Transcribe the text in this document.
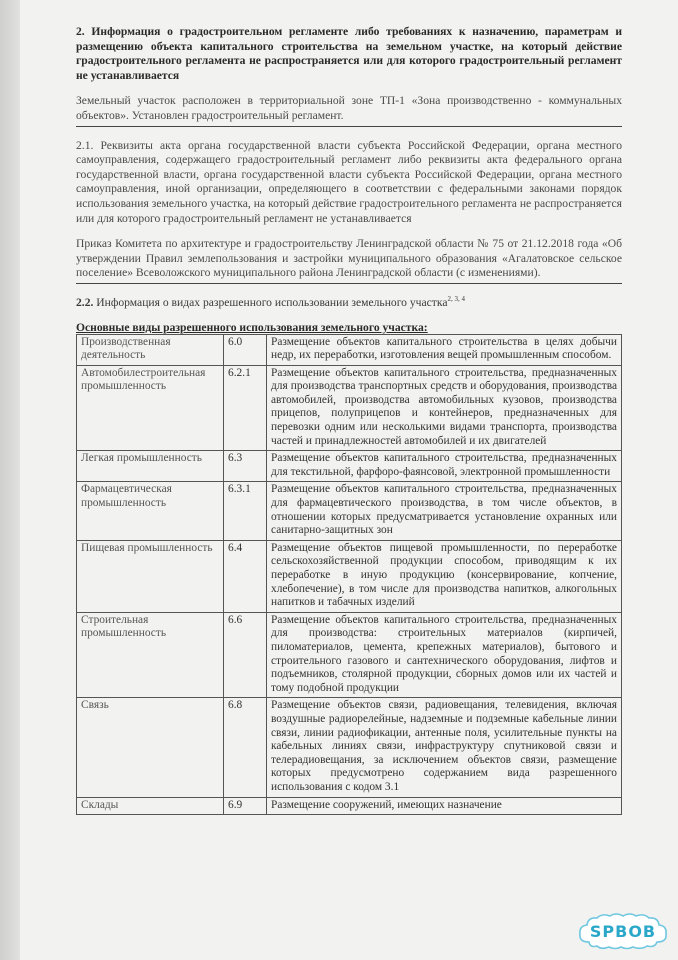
2. Информация о градостроительном регламенте либо требованиях к назначению, параметрам и размещению объекта капитального строительства на земельном участке, на который действие градостроительного регламента не распространяется или для которого градостроительный регламент не устанавливается

Земельный участок расположен в территориальной зоне ТП-1 «Зона производственно - коммунальных объектов». Установлен градостроительный регламент.

2.1. Реквизиты акта органа государственной власти субъекта Российской Федерации, органа местного самоуправления, содержащего градостроительный регламент либо реквизиты акта федерального органа государственной власти, органа государственной власти субъекта Российской Федерации, органа местного самоуправления, иной организации, определяющего в соответствии с федеральными законами порядок использования земельного участка, на который действие градостроительного регламента не распространяется или для которого градостроительный регламент не устанавливается

Приказ Комитета по архитектуре и градостроительству Ленинградской области № 75 от 21.12.2018 года «Об утверждении Правил землепользования и застройки муниципального образования «Агалатовское сельское поселение» Всеволожского муниципального района Ленинградской области (с изменениями).

2.2. Информация о видах разрешенного использовании земельного участка$^{2, 3, 4}$

Основные виды разрешенного использования земельного участка:

Производственная деятельность	6.0	Размещение объектов капитального строительства в целях добычи недр, их переработки, изготовления вещей промышленным способом.
Автомобилестроительная промышленность	6.2.1	Размещение объектов капитального строительства, предназначенных для производства транспортных средств и оборудования, производства автомобилей, производства автомобильных кузовов, производства прицепов, полуприцепов и контейнеров, предназначенных для перевозки одним или несколькими видами транспорта, производства частей и принадлежностей автомобилей и их двигателей
Легкая промышленность	6.3	Размещение объектов капитального строительства, предназначенных для текстильной, фарфоро-фаянсовой, электронной промышленности
Фармацевтическая промышленность	6.3.1	Размещение объектов капитального строительства, предназначенных для фармацевтического производства, в том числе объектов, в отношении которых предусматривается установление охранных или санитарно-защитных зон
Пищевая промышленность	6.4	Размещение объектов пищевой промышленности, по переработке сельскохозяйственной продукции способом, приводящим к их переработке в иную продукцию (консервирование, копчение, хлебопечение), в том числе для производства напитков, алкогольных напитков и табачных изделий
Строительная промышленность	6.6	Размещение объектов капитального строительства, предназначенных для производства: строительных материалов (кирпичей, пиломатериалов, цемента, крепежных материалов), бытового и строительного газового и сантехнического оборудования, лифтов и подъемников, столярной продукции, сборных домов или их частей и тому подобной продукции
Связь	6.8	Размещение объектов связи, радиовещания, телевидения, включая воздушные радиорелейные, надземные и подземные кабельные линии связи, линии радиофикации, антенные поля, усилительные пункты на кабельных линиях связи, инфраструктуру спутниковой связи и телерадиовещания, за исключением объектов связи, размещение которых предусмотрено содержанием вида разрешенного использования с кодом 3.1
Склады	6.9	Размещение сооружений, имеющих назначение
SPBOB
